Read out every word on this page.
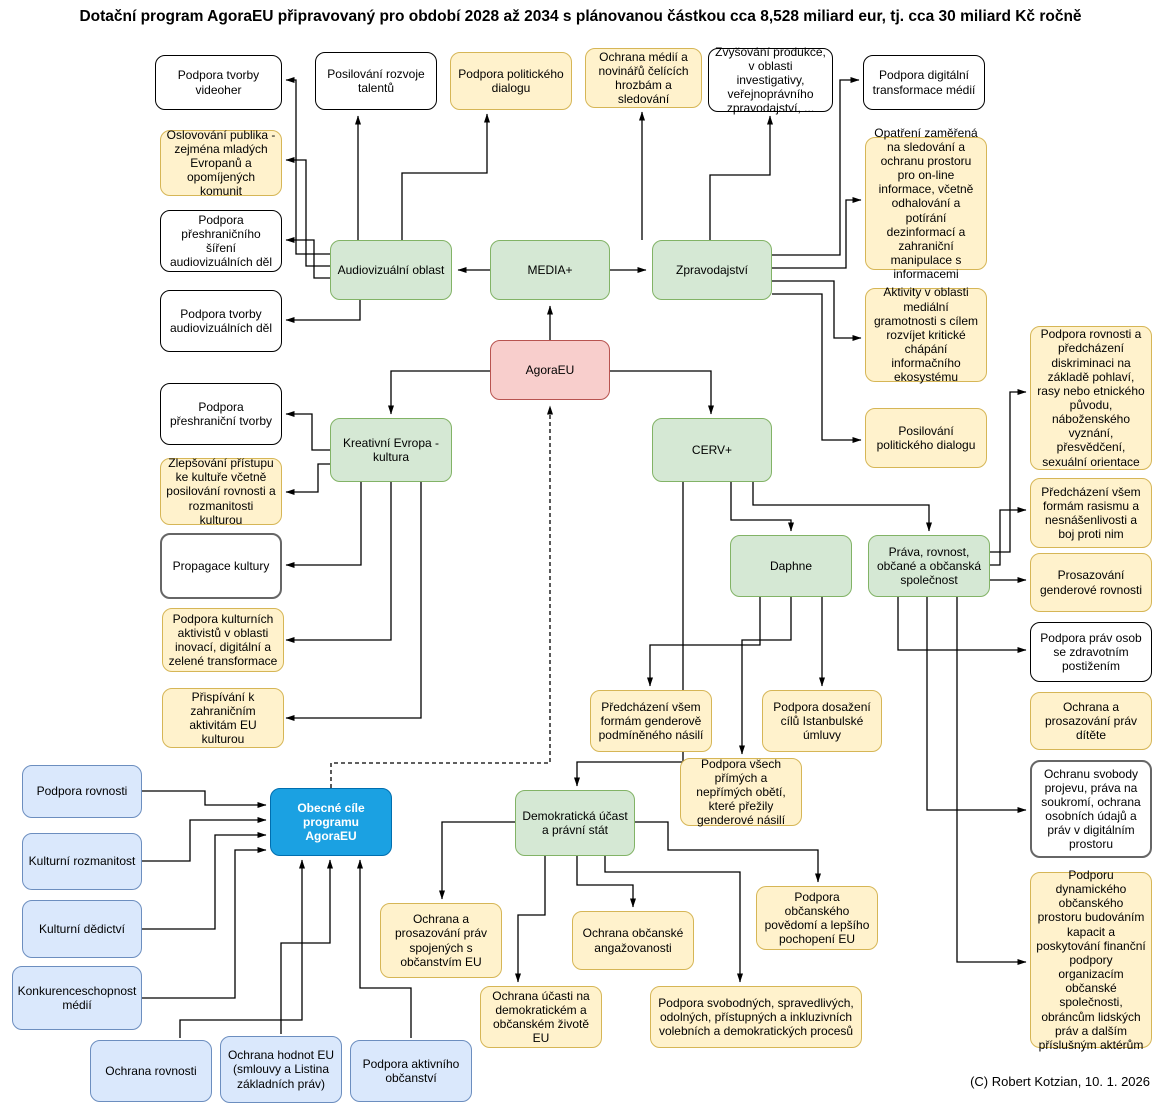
Dotační program AgoraEU připravovaný pro období 2028 až 2034 s plánovanou částkou cca 8,528 miliard eur, tj. cca 30 miliard Kč ročně
Podpora tvorby videoher
Posilování rozvoje talentů
Podpora politického dialogu
Ochrana médií a novinářů čelících hrozbám a sledování
Zvyšování produkce, v oblasti investigativy, veřejnoprávního zpravodajství, ...
Podpora digitální transformace médií
Oslovování publika - zejména mladých Evropanů a opomíjených komunit
Podpora přeshraničního šíření audiovizuálních děl
Podpora tvorby audiovizuálních děl
Podpora přeshraniční tvorby
Zlepšování přístupu ke kultuře včetně posilování rovnosti a rozmanitosti kulturou
Propagace kultury
Podpora kulturních aktivistů v oblasti inovací, digitální a zelené transformace
Přispívání k zahraničním aktivitám EU kulturou
Audiovizuální oblast	MEDIA+	Zpravodajství
AgoraEU
Kreativní Evropa - kultura
CERV+
Daphne
Práva, rovnost, občané a občanská společnost
Opatření zaměřená na sledování a ochranu prostoru pro on-line informace, včetně odhalování a potírání dezinformací a zahraniční manipulace s informacemi
Aktivity v oblasti mediální gramotnosti s cílem rozvíjet kritické chápání informačního ekosystému
Posilování politického dialogu
Podpora rovnosti a předcházení diskriminaci na základě pohlaví, rasy nebo etnického původu, náboženského vyznání, přesvědčení, sexuální orientace
Předcházení všem formám rasismu a nesnášenlivosti a boj proti nim
Prosazování genderové rovnosti
Podpora práv osob se zdravotním postižením
Ochrana a prosazování práv dítěte
Ochranu svobody projevu, práva na soukromí, ochrana osobních údajů a práv v digitálním prostoru
Podporu dynamického občanského prostoru budováním kapacit a poskytování finanční podpory organizacím občanské společnosti, obráncům lidských práv a dalším příslušným aktérům
Předcházení všem formám genderově podmíněného násilí
Podpora dosažení cílů Istanbulské úmluvy
Podpora všech přímých a nepřímých obětí, které přežily genderové násilí
Demokratická účast a právní stát
Ochrana a prosazování práv spojených s občanstvím EU
Ochrana občanské angažovanosti
Podpora občanského povědomí a lepšího pochopení EU
Ochrana účasti na demokratickém a občanském životě EU
Podpora svobodných, spravedlivých, odolných, přístupných a inkluzivních volebních a demokratických procesů
Podpora rovnosti
Kulturní rozmanitost
Kulturní dědictví
Konkurenceschopnost médií
Ochrana rovnosti
Ochrana hodnot EU (smlouvy a Listina základních práv)
Podpora aktivního občanství
Obecné cíle programu AgoraEU
(C) Robert Kotzian, 10. 1. 2026
